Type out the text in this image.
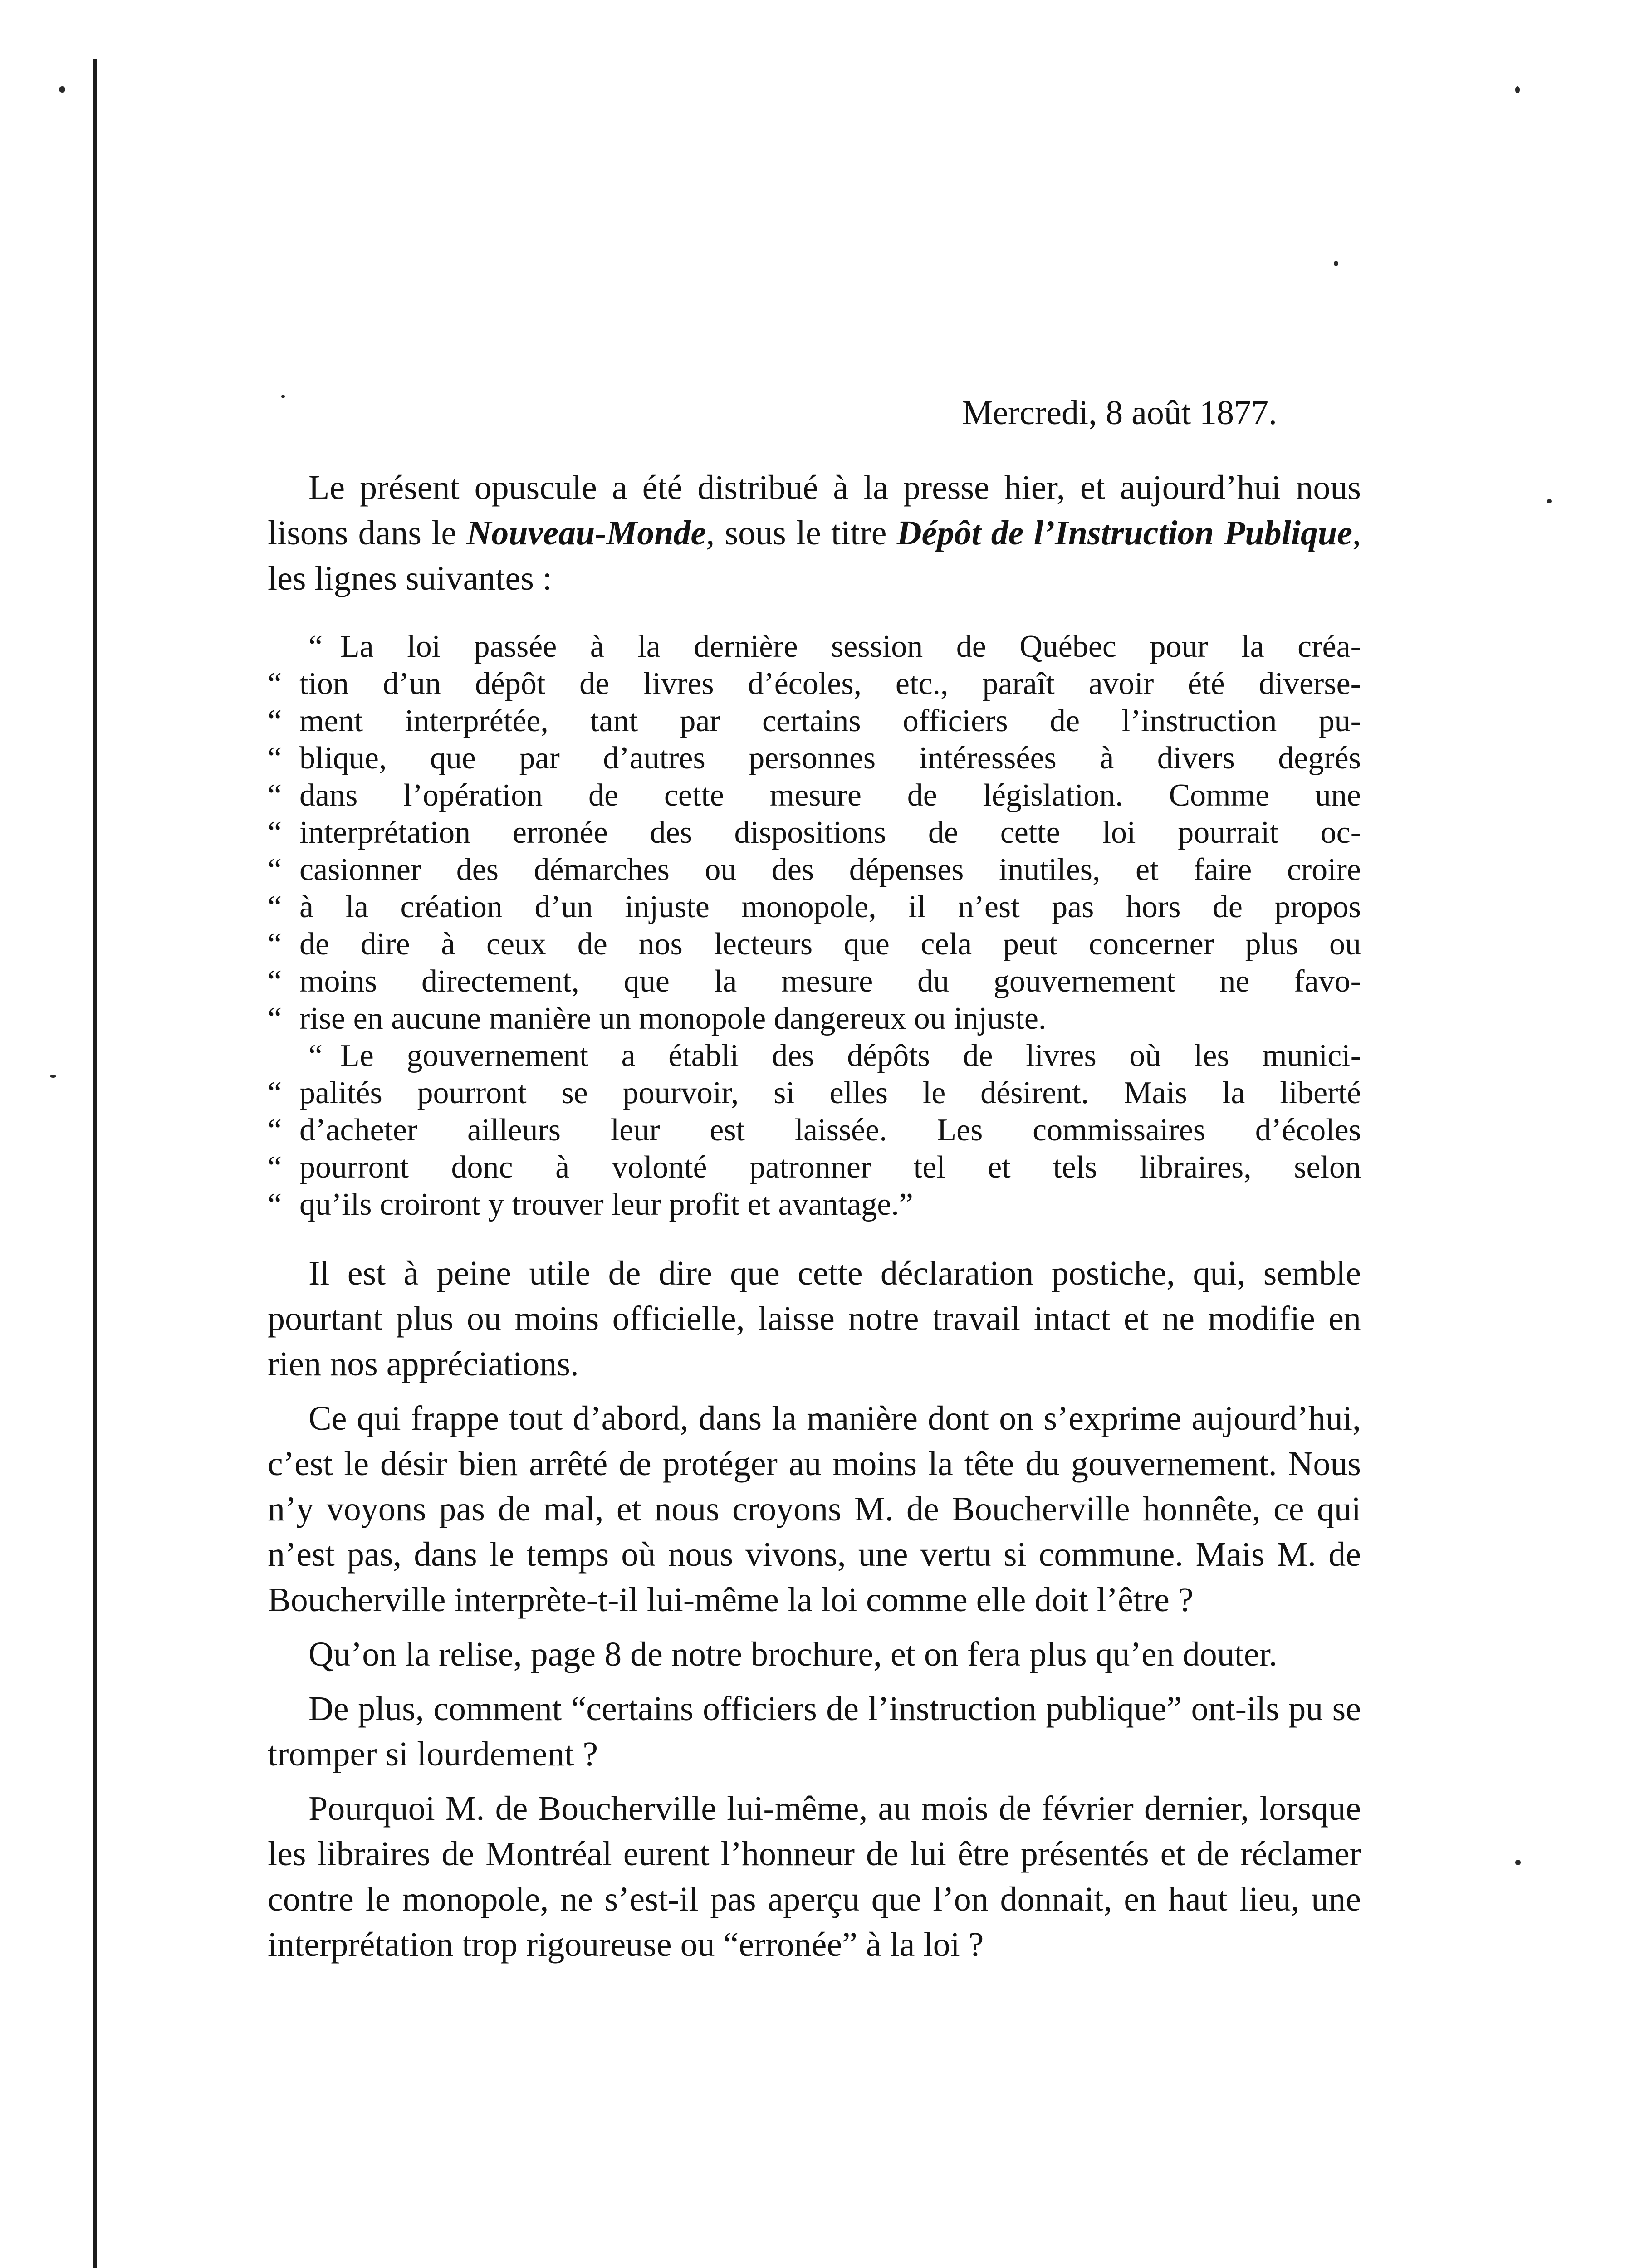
Mercredi, 8 août 1877.

Le présent opuscule a été distribué à la presse hier, et aujourd’hui nous lisons dans le Nouveau-Monde, sous le titre Dépôt de l’Instruction Publique, les lignes suivantes :

“ La loi passée à la dernière session de Québec pour la créa-
“ tion d’un dépôt de livres d’écoles, etc., paraît avoir été diverse-
“ ment interprétée, tant par certains officiers de l’instruction pu-
“ blique, que par d’autres personnes intéressées à divers degrés
“ dans l’opération de cette mesure de législation. Comme une
“ interprétation erronée des dispositions de cette loi pourrait oc-
“ casionner des démarches ou des dépenses inutiles, et faire croire
“ à la création d’un injuste monopole, il n’est pas hors de propos
“ de dire à ceux de nos lecteurs que cela peut concerner plus ou
“ moins directement, que la mesure du gouvernement ne favo-
“ rise en aucune manière un monopole dangereux ou injuste.
“ Le gouvernement a établi des dépôts de livres où les munici-
“ palités pourront se pourvoir, si elles le désirent. Mais la liberté
“ d’acheter ailleurs leur est laissée. Les commissaires d’écoles
“ pourront donc à volonté patronner tel et tels libraires, selon
“ qu’ils croiront y trouver leur profit et avantage.”

Il est à peine utile de dire que cette déclaration postiche, qui, semble pourtant plus ou moins officielle, laisse notre travail intact et ne modifie en rien nos appréciations.

Ce qui frappe tout d’abord, dans la manière dont on s’exprime aujourd’hui, c’est le désir bien arrêté de protéger au moins la tête du gouvernement. Nous n’y voyons pas de mal, et nous croyons M. de Boucherville honnête, ce qui n’est pas, dans le temps où nous vivons, une vertu si commune. Mais M. de Boucherville interprète-t-il lui-même la loi comme elle doit l’être ?

Qu’on la relise, page 8 de notre brochure, et on fera plus qu’en douter.

De plus, comment “certains officiers de l’instruction publique” ont-ils pu se tromper si lourdement ?

Pourquoi M. de Boucherville lui-même, au mois de février dernier, lorsque les libraires de Montréal eurent l’honneur de lui être présentés et de réclamer contre le monopole, ne s’est-il pas aperçu que l’on donnait, en haut lieu, une interprétation trop rigoureuse ou “erronée” à la loi ?
